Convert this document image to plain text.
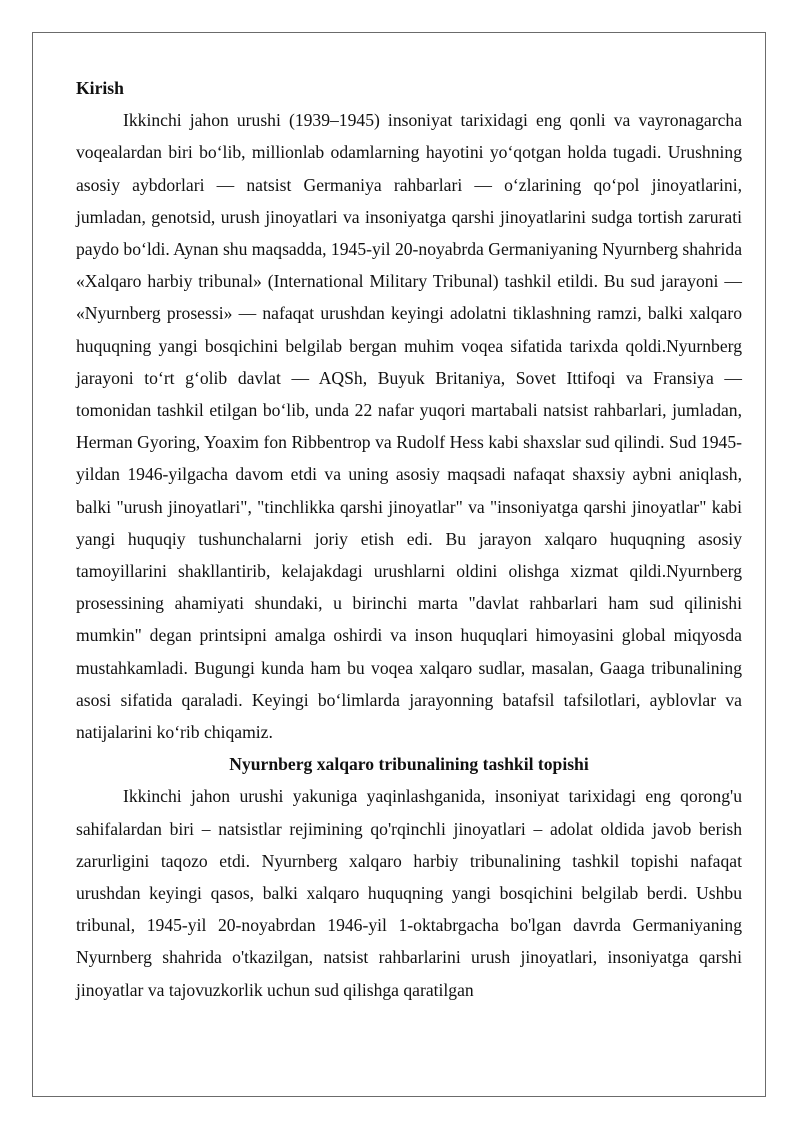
Kirish

Ikkinchi jahon urushi (1939–1945) insoniyat tarixidagi eng qonli va vayronagarcha voqealardan biri bo‘lib, millionlab odamlarning hayotini yo‘qotgan holda tugadi. Urushning asosiy aybdorlari — natsist Germaniya rahbarlari — o‘zlarining qo‘pol jinoyatlarini, jumladan, genotsid, urush jinoyatlari va insoniyatga qarshi jinoyatlarini sudga tortish zarurati paydo bo‘ldi. Aynan shu maqsadda, 1945-yil 20-noyabrda Germaniyaning Nyurnberg shahrida «Xalqaro harbiy tribunal» (International Military Tribunal) tashkil etildi. Bu sud jarayoni — «Nyurnberg prosessi» — nafaqat urushdan keyingi adolatni tiklashning ramzi, balki xalqaro huquqning yangi bosqichini belgilab bergan muhim voqea sifatida tarixda qoldi.Nyurnberg jarayoni to‘rt g‘olib davlat — AQSh, Buyuk Britaniya, Sovet Ittifoqi va Fransiya — tomonidan tashkil etilgan bo‘lib, unda 22 nafar yuqori martabali natsist rahbarlari, jumladan, Herman Gyoring, Yoaxim fon Ribbentrop va Rudolf Hess kabi shaxslar sud qilindi. Sud 1945-yildan 1946-yilgacha davom etdi va uning asosiy maqsadi nafaqat shaxsiy aybni aniqlash, balki "urush jinoyatlari", "tinchlikka qarshi jinoyatlar" va "insoniyatga qarshi jinoyatlar" kabi yangi huquqiy tushunchalarni joriy etish edi. Bu jarayon xalqaro huquqning asosiy tamoyillarini shakllantirib, kelajakdagi urushlarni oldini olishga xizmat qildi.Nyurnberg prosessining ahamiyati shundaki, u birinchi marta "davlat rahbarlari ham sud qilinishi mumkin" degan printsipni amalga oshirdi va inson huquqlari himoyasini global miqyosda mustahkamladi. Bugungi kunda ham bu voqea xalqaro sudlar, masalan, Gaaga tribunalining asosi sifatida qaraladi. Keyingi bo‘limlarda jarayonning batafsil tafsilotlari, ayblovlar va natijalarini ko‘rib chiqamiz.

Nyurnberg xalqaro tribunalining tashkil topishi

Ikkinchi jahon urushi yakuniga yaqinlashganida, insoniyat tarixidagi eng qorong'u sahifalardan biri – natsistlar rejimining qo'rqinchli jinoyatlari – adolat oldida javob berish zarurligini taqozo etdi. Nyurnberg xalqaro harbiy tribunalining tashkil topishi nafaqat urushdan keyingi qasos, balki xalqaro huquqning yangi bosqichini belgilab berdi. Ushbu tribunal, 1945-yil 20-noyabrdan 1946-yil 1-oktabrgacha bo'lgan davrda Germaniyaning Nyurnberg shahrida o'tkazilgan, natsist rahbarlarini urush jinoyatlari, insoniyatga qarshi jinoyatlar va tajovuzkorlik uchun sud qilishga qaratilgan
